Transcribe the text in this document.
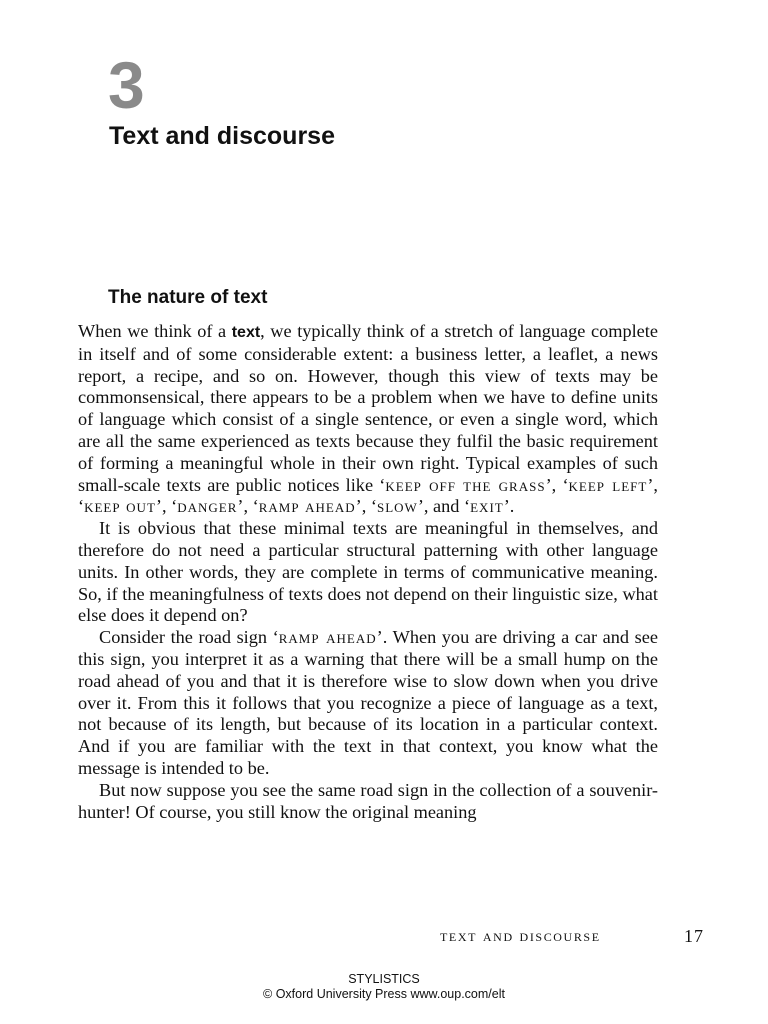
3
Text and discourse
The nature of text

When we think of a text, we typically think of a stretch of language complete in itself and of some considerable extent: a business letter, a leaflet, a news report, a recipe, and so on. However, though this view of texts may be commonsensical, there appears to be a problem when we have to define units of language which consist of a single sentence, or even a single word, which are all the same experienced as texts because they fulfil the basic requirement of forming a meaningful whole in their own right. Typical examples of such small-scale texts are public notices like ‘keep off the grass’, ‘keep left’, ‘keep out’, ‘danger’, ‘ramp ahead’, ‘slow’, and ‘exit’.

It is obvious that these minimal texts are meaningful in themselves, and therefore do not need a particular structural patterning with other language units. In other words, they are complete in terms of communicative meaning. So, if the meaningfulness of texts does not depend on their linguistic size, what else does it depend on?

Consider the road sign ‘ramp ahead’. When you are driving a car and see this sign, you interpret it as a warning that there will be a small hump on the road ahead of you and that it is therefore wise to slow down when you drive over it. From this it follows that you recognize a piece of language as a text, not because of its length, but because of its location in a particular context. And if you are familiar with the text in that context, you know what the message is intended to be.

But now suppose you see the same road sign in the collection of a souvenir-hunter! Of course, you still know the original meaning

text and discourse	17
STYLISTICS
© Oxford University Press www.oup.com/elt
